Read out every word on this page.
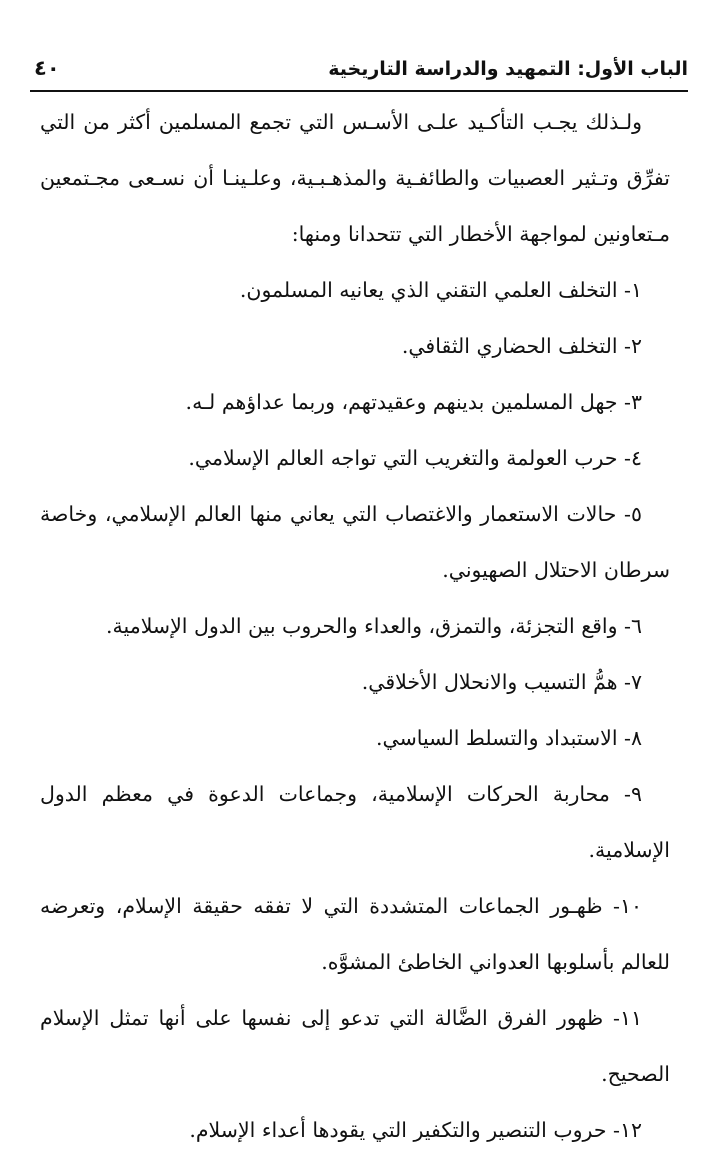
الباب الأول: التمهيد والدراسة التاريخية
٤٠

ولـذلك يجـب التأكـيد علـى الأسـس التي تجمع المسلمين أكثر من التي تفرِّق وتـثير العصبيات والطائفـية والمذهـبـية، وعلـينـا أن نسـعى مجـتمعين مـتعاونين لمواجهة الأخطار التي تتحدانا ومنها:

١- التخلف العلمي التقني الذي يعانيه المسلمون.
٢- التخلف الحضاري الثقافي.
٣- جهل المسلمين بدينهم وعقيدتهم، وربما عداؤهم لـه.
٤- حرب العولمة والتغريب التي تواجه العالم الإسلامي.
٥- حالات الاستعمار والاغتصاب التي يعاني منها العالم الإسلامي، وخاصة سرطان الاحتلال الصهيوني.
٦- واقع التجزئة، والتمزق، والعداء والحروب بين الدول الإسلامية.
٧- همُّ التسيب والانحلال الأخلاقي.
٨- الاستبداد والتسلط السياسي.
٩- محاربة الحركات الإسلامية، وجماعات الدعوة في معظم الدول الإسلامية.
١٠- ظهـور الجماعات المتشددة التي لا تفقه حقيقة الإسلام، وتعرضه للعالم بأسلوبها العدواني الخاطئ المشوَّه.
١١- ظهور الفرق الضَّالة التي تدعو إلى نفسها على أنها تمثل الإسلام الصحيح.
١٢- حروب التنصير والتكفير التي يقودها أعداء الإسلام.
